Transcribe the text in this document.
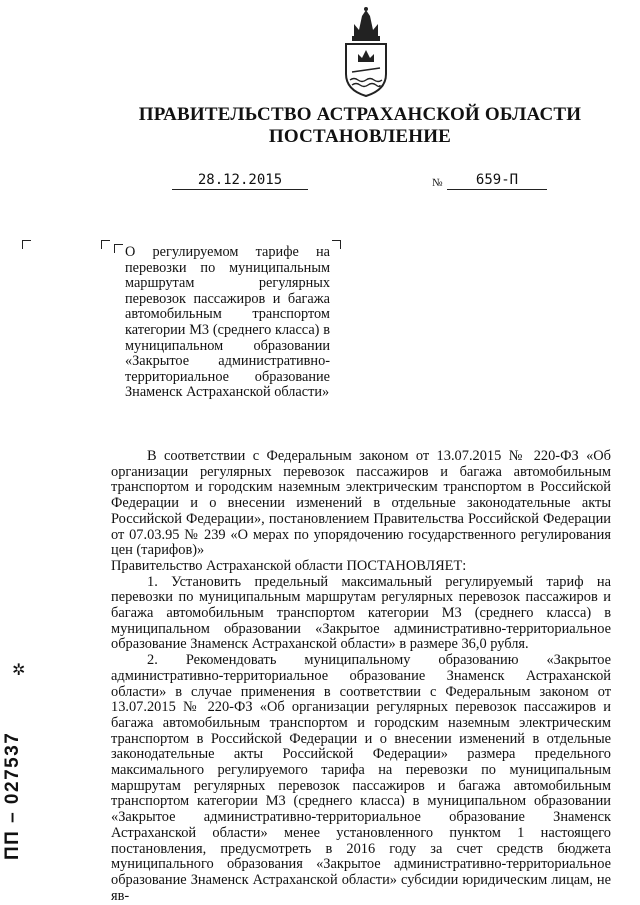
ПРАВИТЕЛЬСТВО АСТРАХАНСКОЙ ОБЛАСТИ
ПОСТАНОВЛЕНИЕ
28.12.2015	№	659-П
О регулируемом тарифе на перевозки по муниципальным маршрутам регулярных перевозок пассажиров и багажа автомобильным транспортом категории М3 (среднего класса) в муниципальном образовании «Закрытое административно-территориальное образование Знаменск Астраханской области»

В соответствии с Федеральным законом от 13.07.2015 № 220-ФЗ «Об организации регулярных перевозок пассажиров и багажа автомобильным транспортом и городским наземным электрическим транспортом в Российской Федерации и о внесении изменений в отдельные законодательные акты Российской Федерации», постановлением Правительства Российской Федерации от 07.03.95 № 239 «О мерах по упорядочению государственного регулирования цен (тарифов)»

Правительство Астраханской области ПОСТАНОВЛЯЕТ:

1. Установить предельный максимальный регулируемый тариф на перевозки по муниципальным маршрутам регулярных перевозок пассажиров и багажа автомобильным транспортом категории М3 (среднего класса) в муниципальном образовании «Закрытое административно-территориальное образование Знаменск Астраханской области» в размере 36,0 рубля.

2. Рекомендовать муниципальному образованию «Закрытое административно-территориальное образование Знаменск Астраханской области» в случае применения в соответствии с Федеральным законом от 13.07.2015 № 220-ФЗ «Об организации регулярных перевозок пассажиров и багажа автомобильным транспортом и городским наземным электрическим транспортом в Российской Федерации и о внесении изменений в отдельные законодательные акты Российской Федерации» размера предельного максимального регулируемого тарифа на перевозки по муниципальным маршрутам регулярных перевозок пассажиров и багажа автомобильным транспортом категории М3 (среднего класса) в муниципальном образовании «Закрытое административно-территориальное образование Знаменск Астраханской области» менее установленного пунктом 1 настоящего постановления, предусмотреть в 2016 году за счет средств бюджета муниципального образования «Закрытое административно-территориальное образование Знаменск Астраханской области» субсидии юридическим лицам, не яв-

✲
ПП – 027537
